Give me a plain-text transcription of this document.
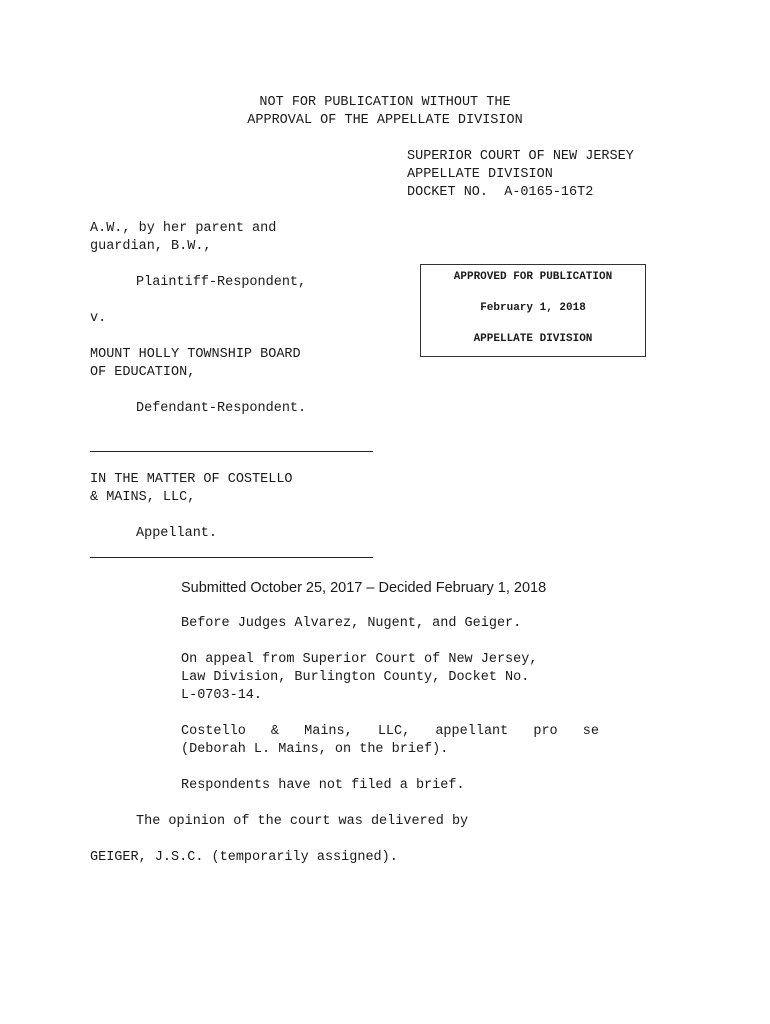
NOT FOR PUBLICATION WITHOUT THE
APPROVAL OF THE APPELLATE DIVISION
SUPERIOR COURT OF NEW JERSEY
APPELLATE DIVISION
DOCKET NO.  A-0165-16T2
A.W., by her parent and
guardian, B.W.,
Plaintiff-Respondent,
v.
MOUNT HOLLY TOWNSHIP BOARD
OF EDUCATION,
Defendant-Respondent.
IN THE MATTER OF COSTELLO
& MAINS, LLC,
Appellant.
APPROVED FOR PUBLICATION
February 1, 2018
APPELLATE DIVISION
Submitted October 25, 2017 – Decided February 1, 2018
Before Judges Alvarez, Nugent, and Geiger.
On appeal from Superior Court of New Jersey,
Law Division, Burlington County, Docket No.
L-0703-14.
Costello & Mains, LLC, appellant pro se
(Deborah L. Mains, on the brief).
Respondents have not filed a brief.
The opinion of the court was delivered by
GEIGER, J.S.C. (temporarily assigned).
